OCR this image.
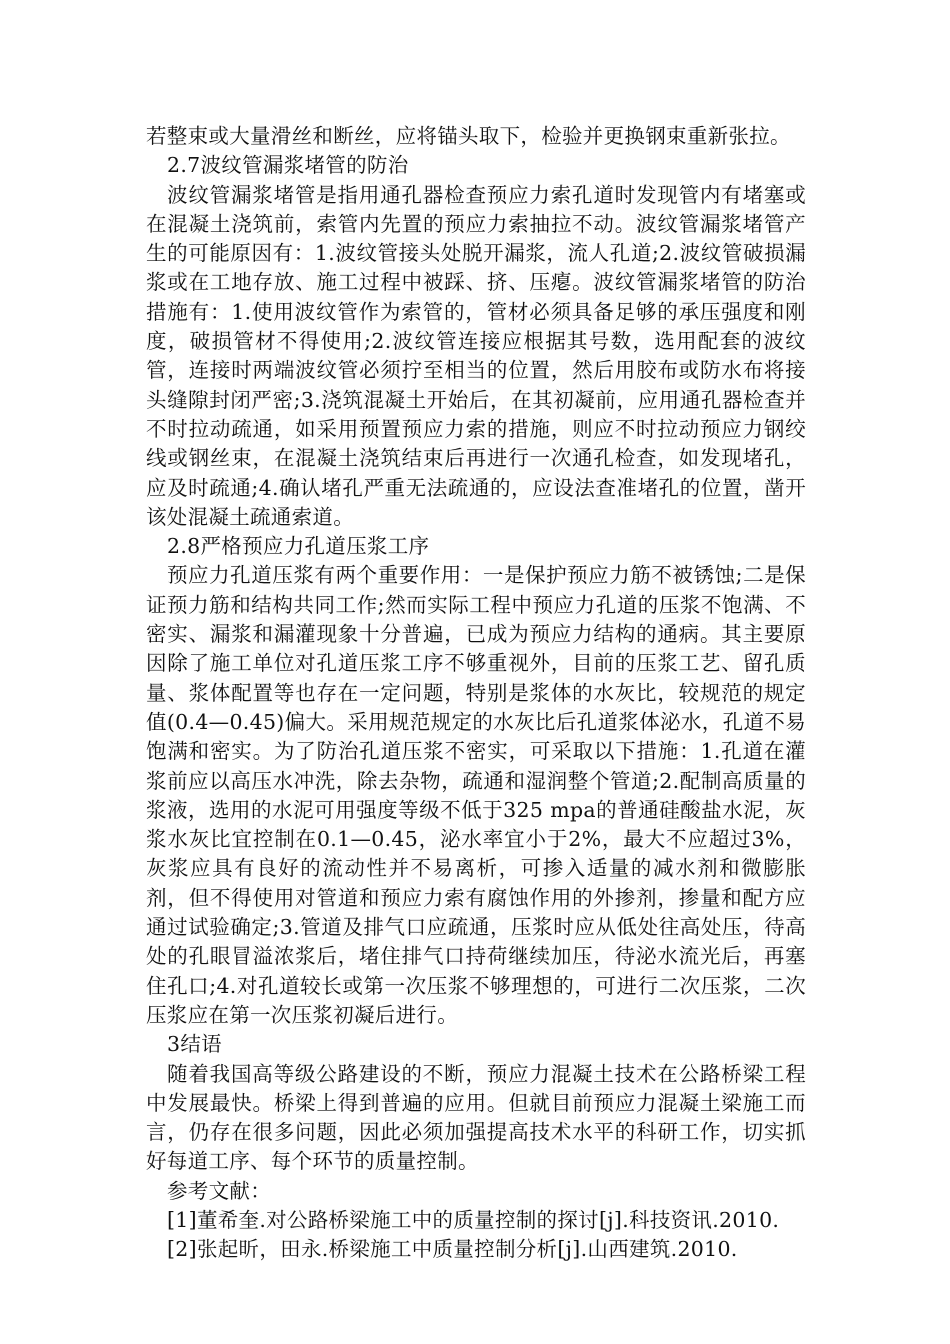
若整束或大量滑丝和断丝，应将锚头取下，检验并更换钢束重新张拉。

2.7波纹管漏浆堵管的防治

波纹管漏浆堵管是指用通孔器检查预应力索孔道时发现管内有堵塞或在混凝土浇筑前，索管内先置的预应力索抽拉不动。波纹管漏浆堵管产生的可能原因有：1.波纹管接头处脱开漏浆，流人孔道;2.波纹管破损漏浆或在工地存放、施工过程中被踩、挤、压瘪。波纹管漏浆堵管的防治措施有：1.使用波纹管作为索管的，管材必须具备足够的承压强度和刚度，破损管材不得使用;2.波纹管连接应根据其号数，选用配套的波纹管，连接时两端波纹管必须拧至相当的位置，然后用胶布或防水布将接头缝隙封闭严密;3.浇筑混凝土开始后，在其初凝前，应用通孔器检查并不时拉动疏通，如采用预置预应力索的措施，则应不时拉动预应力钢绞线或钢丝束，在混凝土浇筑结束后再进行一次通孔检查，如发现堵孔，应及时疏通;4.确认堵孔严重无法疏通的，应设法查准堵孔的位置，凿开该处混凝土疏通索道。

2.8严格预应力孔道压浆工序

预应力孔道压浆有两个重要作用：一是保护预应力筋不被锈蚀;二是保证预力筋和结构共同工作;然而实际工程中预应力孔道的压浆不饱满、不密实、漏浆和漏灌现象十分普遍，已成为预应力结构的通病。其主要原因除了施工单位对孔道压浆工序不够重视外，目前的压浆工艺、留孔质量、浆体配置等也存在一定问题，特别是浆体的水灰比，较规范的规定值(0.4—0.45)偏大。采用规范规定的水灰比后孔道浆体泌水，孔道不易饱满和密实。为了防治孔道压浆不密实，可采取以下措施：1.孔道在灌浆前应以高压水冲洗，除去杂物，疏通和湿润整个管道;2.配制高质量的浆液，选用的水泥可用强度等级不低于325 mpa的普通硅酸盐水泥，灰浆水灰比宜控制在0.1—0.45，泌水率宜小于2%，最大不应超过3%，灰浆应具有良好的流动性并不易离析，可掺入适量的减水剂和微膨胀剂，但不得使用对管道和预应力索有腐蚀作用的外掺剂，掺量和配方应通过试验确定;3.管道及排气口应疏通，压浆时应从低处往高处压，待高处的孔眼冒溢浓浆后，堵住排气口持荷继续加压，待泌水流光后，再塞住孔口;4.对孔道较长或第一次压浆不够理想的，可进行二次压浆，二次压浆应在第一次压浆初凝后进行。

3结语

随着我国高等级公路建设的不断，预应力混凝土技术在公路桥梁工程中发展最快。桥梁上得到普遍的应用。但就目前预应力混凝土梁施工而言，仍存在很多问题，因此必须加强提高技术水平的科研工作，切实抓好每道工序、每个环节的质量控制。

参考文献：

[1]董希奎.对公路桥梁施工中的质量控制的探讨[j].科技资讯.2010.

[2]张起昕，田永.桥梁施工中质量控制分析[j].山西建筑.2010.
